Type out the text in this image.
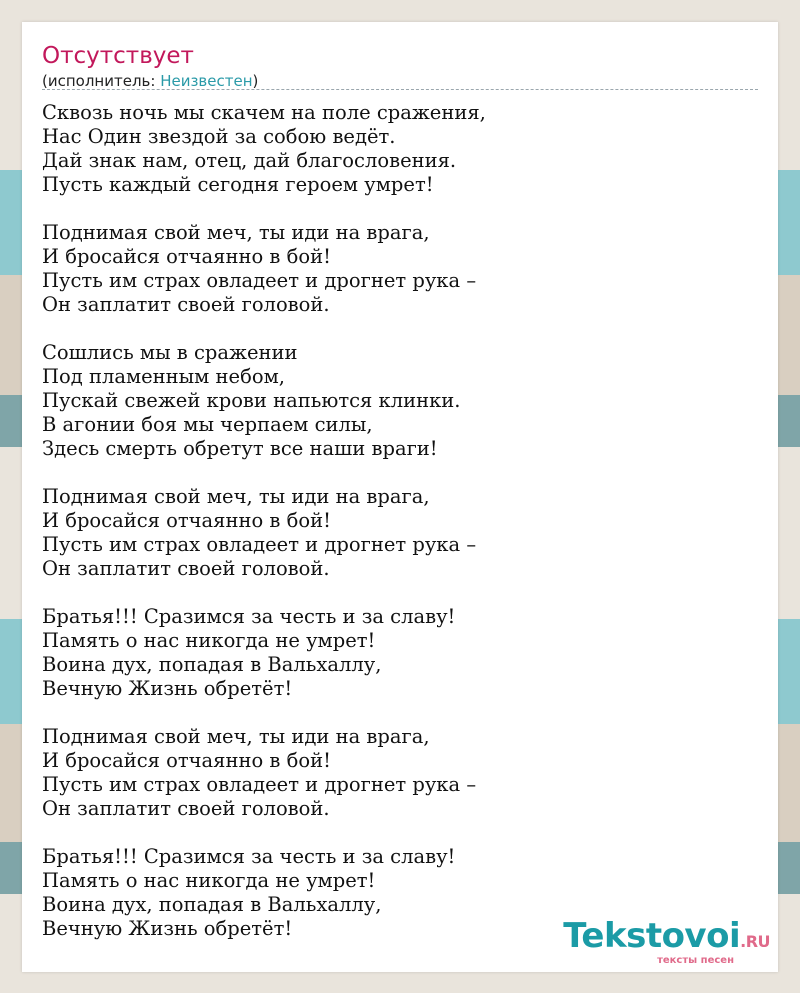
Отсутствует
(исполнитель: Неизвестен)
Сквозь ночь мы скачем на поле сражения,
Нас Один звездой за собою ведёт.
Дай знак нам, отец, дай благословения.
Пусть каждый сегодня героем умрет!
Поднимая свой меч, ты иди на врага,
И бросайся отчаянно в бой!
Пусть им страх овладеет и дрогнет рука –
Он заплатит своей головой.
Сошлись мы в сражении
Под пламенным небом,
Пускай свежей крови напьются клинки.
В агонии боя мы черпаем силы,
Здесь смерть обретут все наши враги!
Поднимая свой меч, ты иди на врага,
И бросайся отчаянно в бой!
Пусть им страх овладеет и дрогнет рука –
Он заплатит своей головой.
Братья!!! Сразимся за честь и за славу!
Память о нас никогда не умрет!
Воина дух, попадая в Вальхаллу,
Вечную Жизнь обретёт!
Поднимая свой меч, ты иди на врага,
И бросайся отчаянно в бой!
Пусть им страх овладеет и дрогнет рука –
Он заплатит своей головой.
Братья!!! Сразимся за честь и за славу!
Память о нас никогда не умрет!
Воина дух, попадая в Вальхаллу,
Вечную Жизнь обретёт!	Tekstovoi.RU
тексты песен
